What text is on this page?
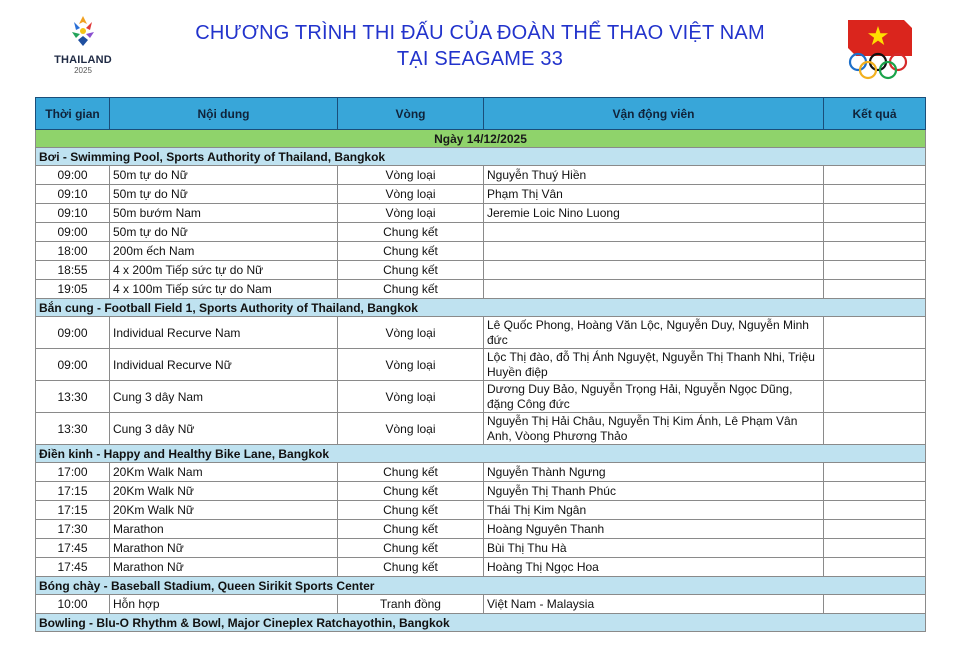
THAILAND
2025
CHƯƠNG TRÌNH THI ĐẤU CỦA ĐOÀN THỂ THAO VIỆT NAM
TẠI SEAGAME 33
Thời gian	Nội dung	Vòng	Vận động viên	Kết quả
Ngày 14/12/2025				
Bơi - Swimming Pool, Sports Authority of Thailand, Bangkok				
09:00	50m tự do Nữ	Vòng loại	Nguyễn Thuý Hiền	
09:10	50m tự do Nữ	Vòng loại	Phạm Thị Vân	
09:10	50m bướm Nam	Vòng loại	Jeremie Loic Nino Luong	
09:00	50m tự do Nữ	Chung kết		
18:00	200m ếch Nam	Chung kết		
18:55	4 x 200m Tiếp sức tự do Nữ	Chung kết		
19:05	4 x 100m Tiếp sức tự do Nam	Chung kết		
Bắn cung - Football Field 1, Sports Authority of Thailand, Bangkok				
09:00	Individual Recurve Nam	Vòng loại	Lê Quốc Phong, Hoàng Văn Lộc, Nguyễn Duy, Nguyễn Minh đức	
09:00	Individual Recurve Nữ	Vòng loại	Lộc Thị đào, đỗ Thị Ánh Nguyệt, Nguyễn Thị Thanh Nhi, Triệu Huyền điệp	
13:30	Cung 3 dây Nam	Vòng loại	Dương Duy Bảo, Nguyễn Trọng Hải, Nguyễn Ngọc Dũng, đặng Công đức	
13:30	Cung 3 dây Nữ	Vòng loại	Nguyễn Thị Hải Châu, Nguyễn Thị Kim Ánh, Lê Phạm Vân Anh, Vòong Phương Thảo	
Điền kinh - Happy and Healthy Bike Lane, Bangkok				
17:00	20Km Walk Nam	Chung kết	Nguyễn Thành Ngưng	
17:15	20Km Walk Nữ	Chung kết	Nguyễn Thị Thanh Phúc	
17:15	20Km Walk Nữ	Chung kết	Thái Thị Kim Ngân	
17:30	Marathon	Chung kết	Hoàng Nguyên Thanh	
17:45	Marathon Nữ	Chung kết	Bùi Thị Thu Hà	
17:45	Marathon Nữ	Chung kết	Hoàng Thị Ngọc Hoa	
Bóng chày - Baseball Stadium, Queen Sirikit Sports Center				
10:00	Hỗn hợp	Tranh đồng	Việt Nam - Malaysia	
Bowling - Blu-O Rhythm & Bowl, Major Cineplex Ratchayothin, Bangkok				
